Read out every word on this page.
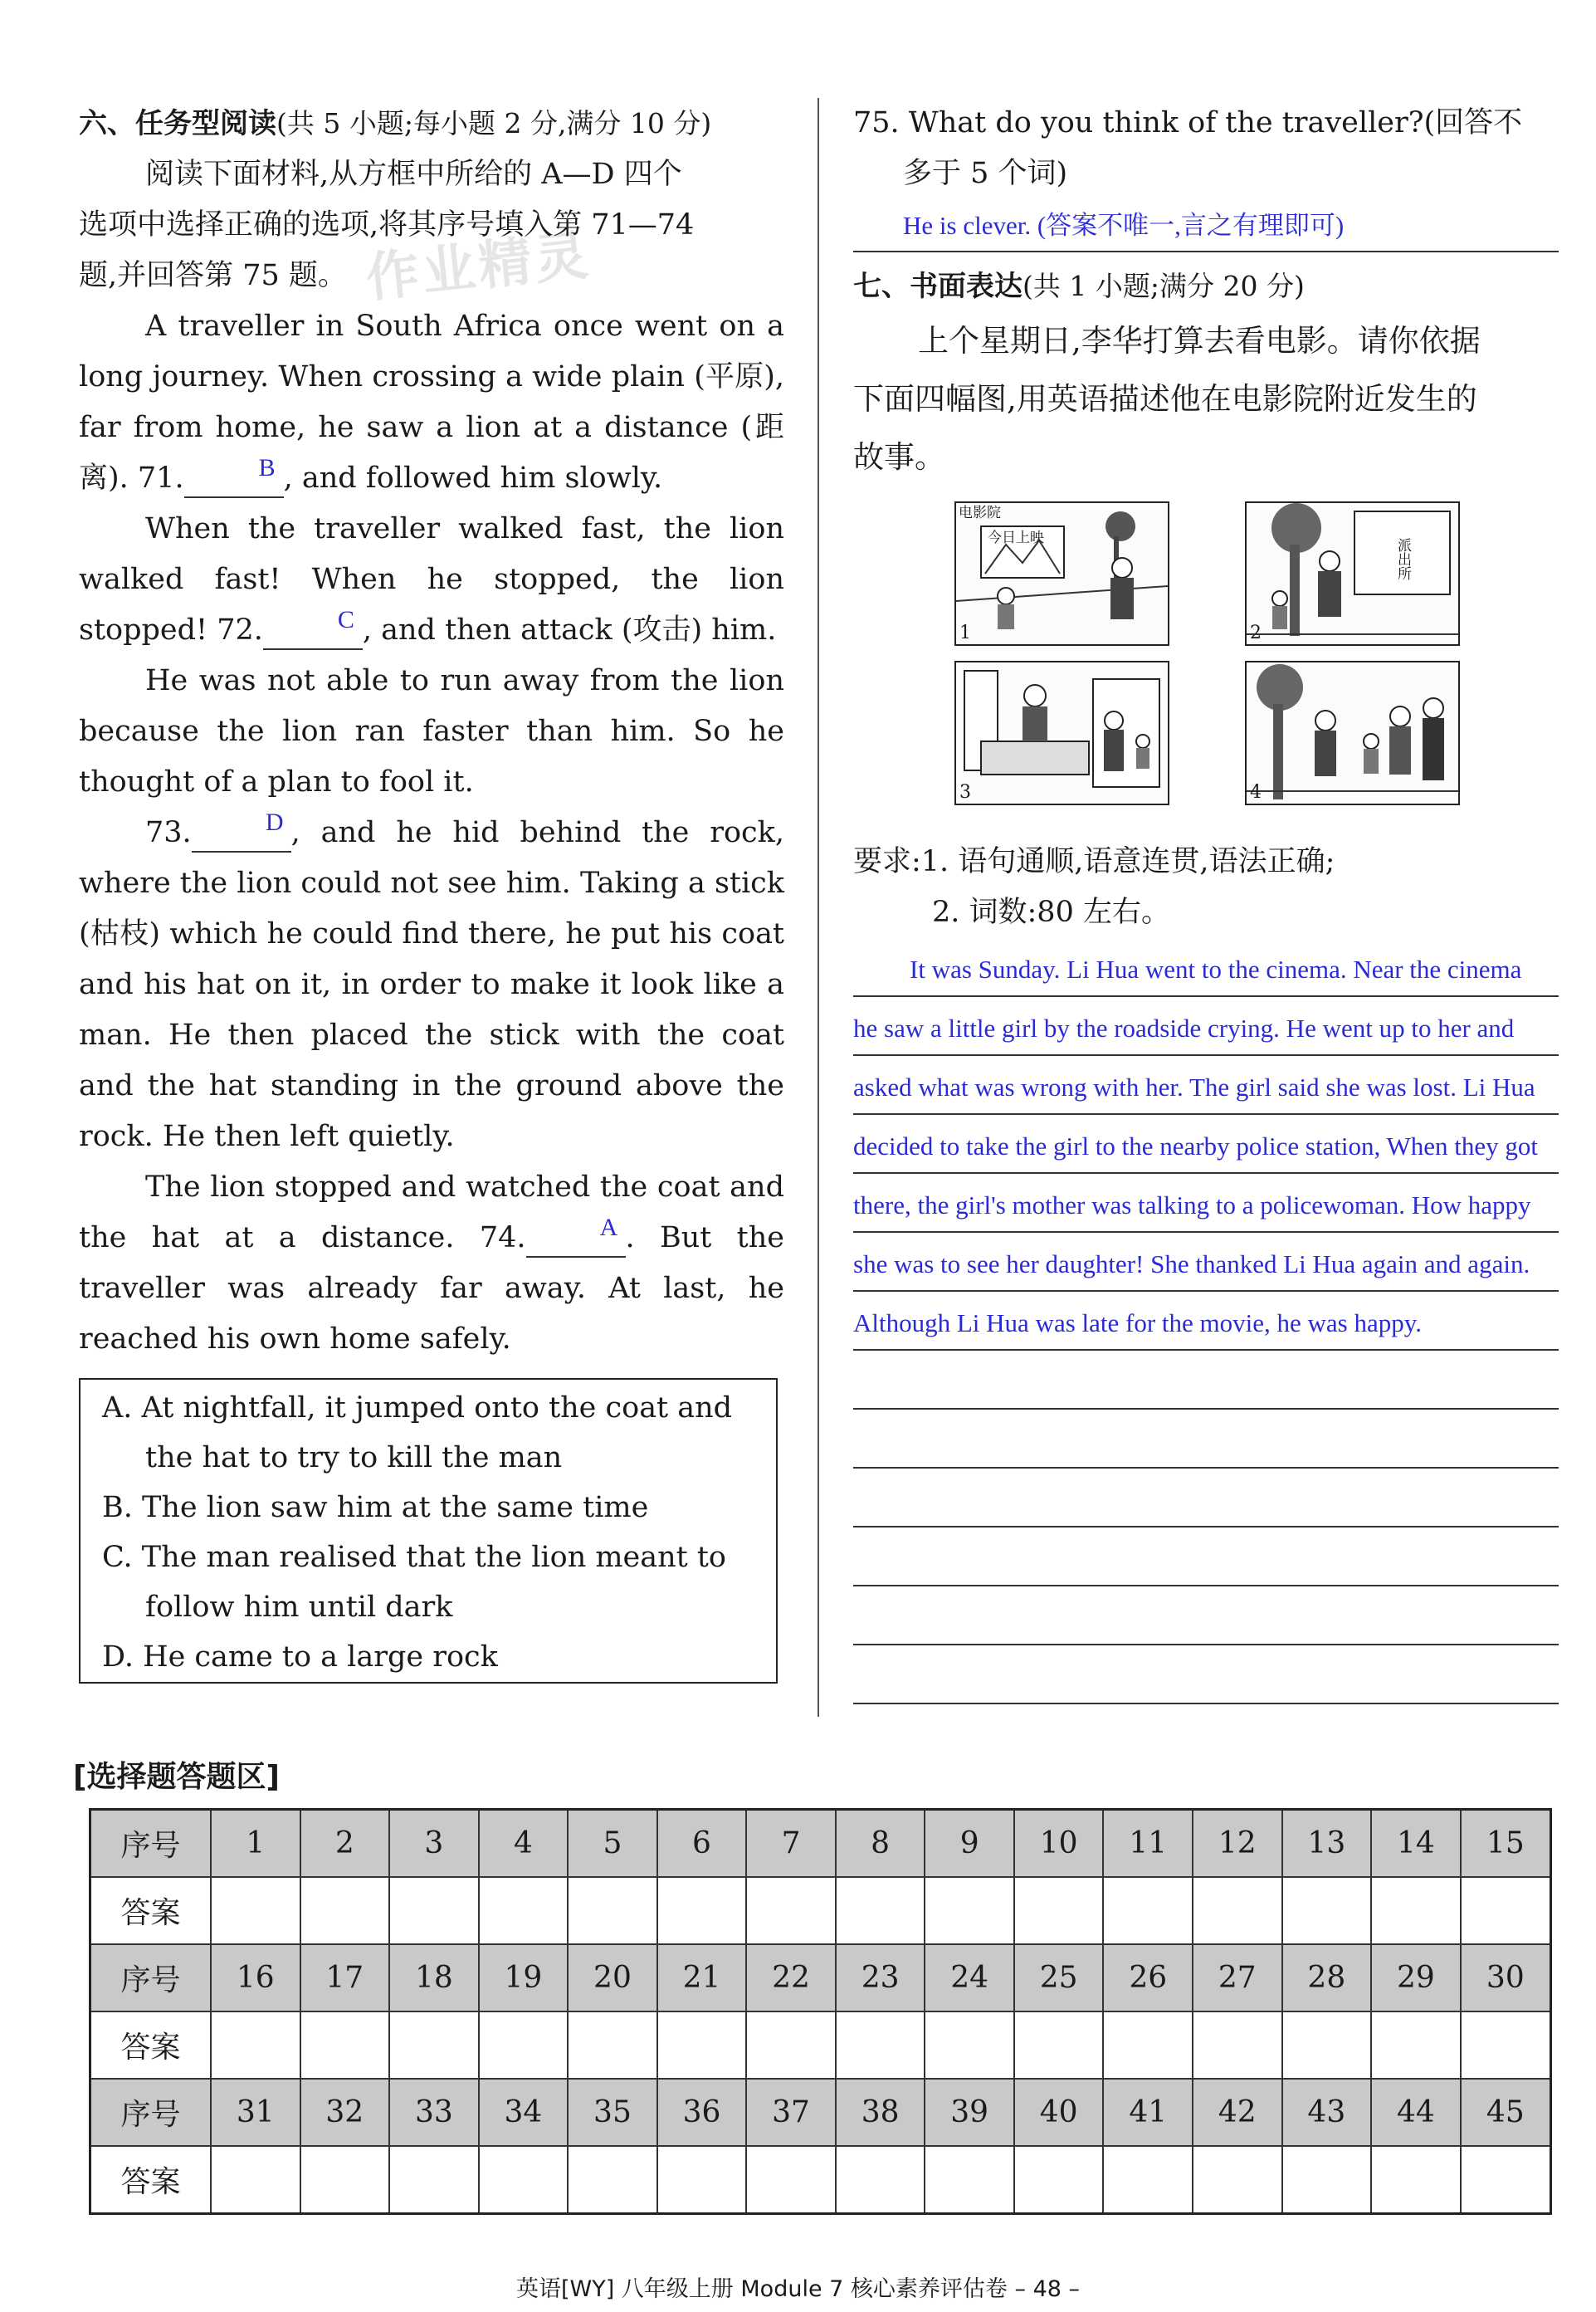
作业精灵

六、任务型阅读(共 5 小题;每小题 2 分,满分 10 分)

阅读下面材料,从方框中所给的 A—D 四个

选项中选择正确的选项,将其序号填入第 71—74

题,并回答第 75 题。

A traveller in South Africa once went on a long journey. When crossing a wide plain (平原), far from home, he saw a lion at a distance (距离). 71.	B , and followed him slowly.

When the traveller walked fast, the lion walked fast! When he stopped, the lion stopped! 72.	C , and then attack (攻击) him.

He was not able to run away from the lion because the lion ran faster than him. So he thought of a plan to fool it.

73.	D , and he hid behind the rock, where the lion could not see him. Taking a stick (枯枝) which he could find there, he put his coat and his hat on it, in order to make it look like a man. He then placed the stick with the coat and the hat standing in the ground above the rock. He then left quietly.

The lion stopped and watched the coat and the hat at a distance. 74.	A . But the traveller was already far away. At last, he reached his own home safely.

A. At nightfall, it jumped onto the coat and

the hat to try to kill the man

B. The lion saw him at the same time

C. The man realised that the lion meant to

follow him until dark

D. He came to a large rock

75. What do you think of the traveller?(回答不

多于 5 个词)

He is clever. (答案不唯一,言之有理即可)

七、书面表达(共 1 小题;满分 20 分)

上个星期日,李华打算去看电影。请你依据

下面四幅图,用英语描述他在电影院附近发生的

故事。

电影院
今日上映
1
派出所
2
3	4

要求:1. 语句通顺,语意连贯,语法正确;

2. 词数:80 左右。

It was Sunday. Li Hua went to the cinema. Near the cinema
he saw a little girl by the roadside crying. He went up to her and
asked what was wrong with her. The girl said she was lost. Li Hua
decided to take the girl to the nearby police station, When they got
there, the girl's mother was talking to a policewoman. How happy
she was to see her daughter! She thanked Li Hua again and again.
Although Li Hua was late for the movie, he was happy.
[选择题答题区]
序号	1	2	3	4	5	6	7	8	9	10	11	12	13	14	15
答案															
序号	16	17	18	19	20	21	22	23	24	25	26	27	28	29	30
答案															
序号	31	32	33	34	35	36	37	38	39	40	41	42	43	44	45
答案															
英语[WY] 八年级上册 Module 7 核心素养评估卷 – 48 –
